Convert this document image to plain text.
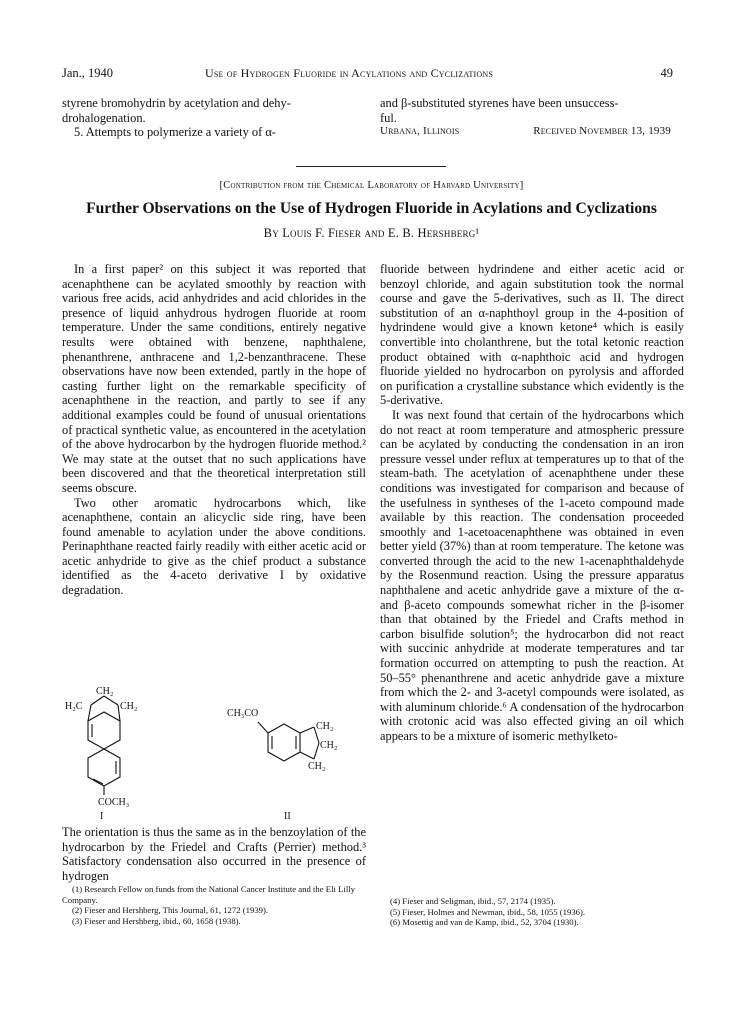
Jan., 1940	Use of Hydrogen Fluoride in Acylations and Cyclizations	49
styrene bromohydrin by acetylation and dehy-
drohalogenation.
5. Attempts to polymerize a variety of α-
and β-substituted styrenes have been unsuccess-
ful.
Urbana, Illinois	Received November 13, 1939
[Contribution from the Chemical Laboratory of Harvard University]
Further Observations on the Use of Hydrogen Fluoride in Acylations and Cyclizations
By Louis F. Fieser and E. B. Hershberg¹

In a first paper² on this subject it was reported that acenaphthene can be acylated smoothly by reaction with various free acids, acid anhydrides and acid chlorides in the presence of liquid anhydrous hydrogen fluoride at room temperature. Under the same conditions, entirely negative results were obtained with benzene, naphthalene, phenanthrene, anthracene and 1,2-benzanthracene. These observations have now been extended, partly in the hope of casting further light on the remarkable specificity of acenaphthene in the reaction, and partly to see if any additional examples could be found of unusual orientations of practical synthetic value, as encountered in the acetylation of the above hydrocarbon by the hydrogen fluoride method.² We may state at the outset that no such applications have been discovered and that the theoretical interpretation still seems obscure.

Two other aromatic hydrocarbons which, like acenaphthene, contain an alicyclic side ring, have been found amenable to acylation under the above conditions. Perinaphthane reacted fairly readily with either acetic acid or acetic anhydride to give as the chief product a substance identified as the 4-aceto derivative I by oxidative degradation.

CH₂
H₂C	CH₂
COCH₃
I
CH₃CO
CH₂
CH₂
CH₂
II

The orientation is thus the same as in the benzoylation of the hydrocarbon by the Friedel and Crafts (Perrier) method.³ Satisfactory condensation also occurred in the presence of hydrogen

fluoride between hydrindene and either acetic acid or benzoyl chloride, and again substitution took the normal course and gave the 5-derivatives, such as II. The direct substitution of an α-naphthoyl group in the 4-position of hydrindene would give a known ketone⁴ which is easily convertible into cholanthrene, but the total ketonic reaction product obtained with α-naphthoic acid and hydrogen fluoride yielded no hydrocarbon on pyrolysis and afforded on purification a crystalline substance which evidently is the 5-derivative.

It was next found that certain of the hydrocarbons which do not react at room temperature and atmospheric pressure can be acylated by conducting the condensation in an iron pressure vessel under reflux at temperatures up to that of the steam-bath. The acetylation of acenaphthene under these conditions was investigated for comparison and because of the usefulness in syntheses of the 1-aceto compound made available by this reaction. The condensation proceeded smoothly and 1-acetoacenaphthene was obtained in even better yield (37%) than at room temperature. The ketone was converted through the acid to the new 1-acenaphthaldehyde by the Rosenmund reaction. Using the pressure apparatus naphthalene and acetic anhydride gave a mixture of the α- and β-aceto compounds somewhat richer in the β-isomer than that obtained by the Friedel and Crafts method in carbon bisulfide solution⁵; the hydrocarbon did not react with succinic anhydride at moderate temperatures and tar formation occurred on attempting to push the reaction. At 50–55° phenanthrene and acetic anhydride gave a mixture from which the 2- and 3-acetyl compounds were isolated, as with aluminum chloride.⁶ A condensation of the hydrocarbon with crotonic acid was also effected giving an oil which appears to be a mixture of isomeric methylketo-

(1) Research Fellow on funds from the National Cancer Institute and the Eli Lilly Company.
(2) Fieser and Hershberg, This Journal, 61, 1272 (1939).
(3) Fieser and Hershberg, ibid., 60, 1658 (1938).
(4) Fieser and Seligman, ibid., 57, 2174 (1935).
(5) Fieser, Holmes and Newman, ibid., 58, 1055 (1936).
(6) Mosettig and van de Kamp, ibid., 52, 3704 (1930).
